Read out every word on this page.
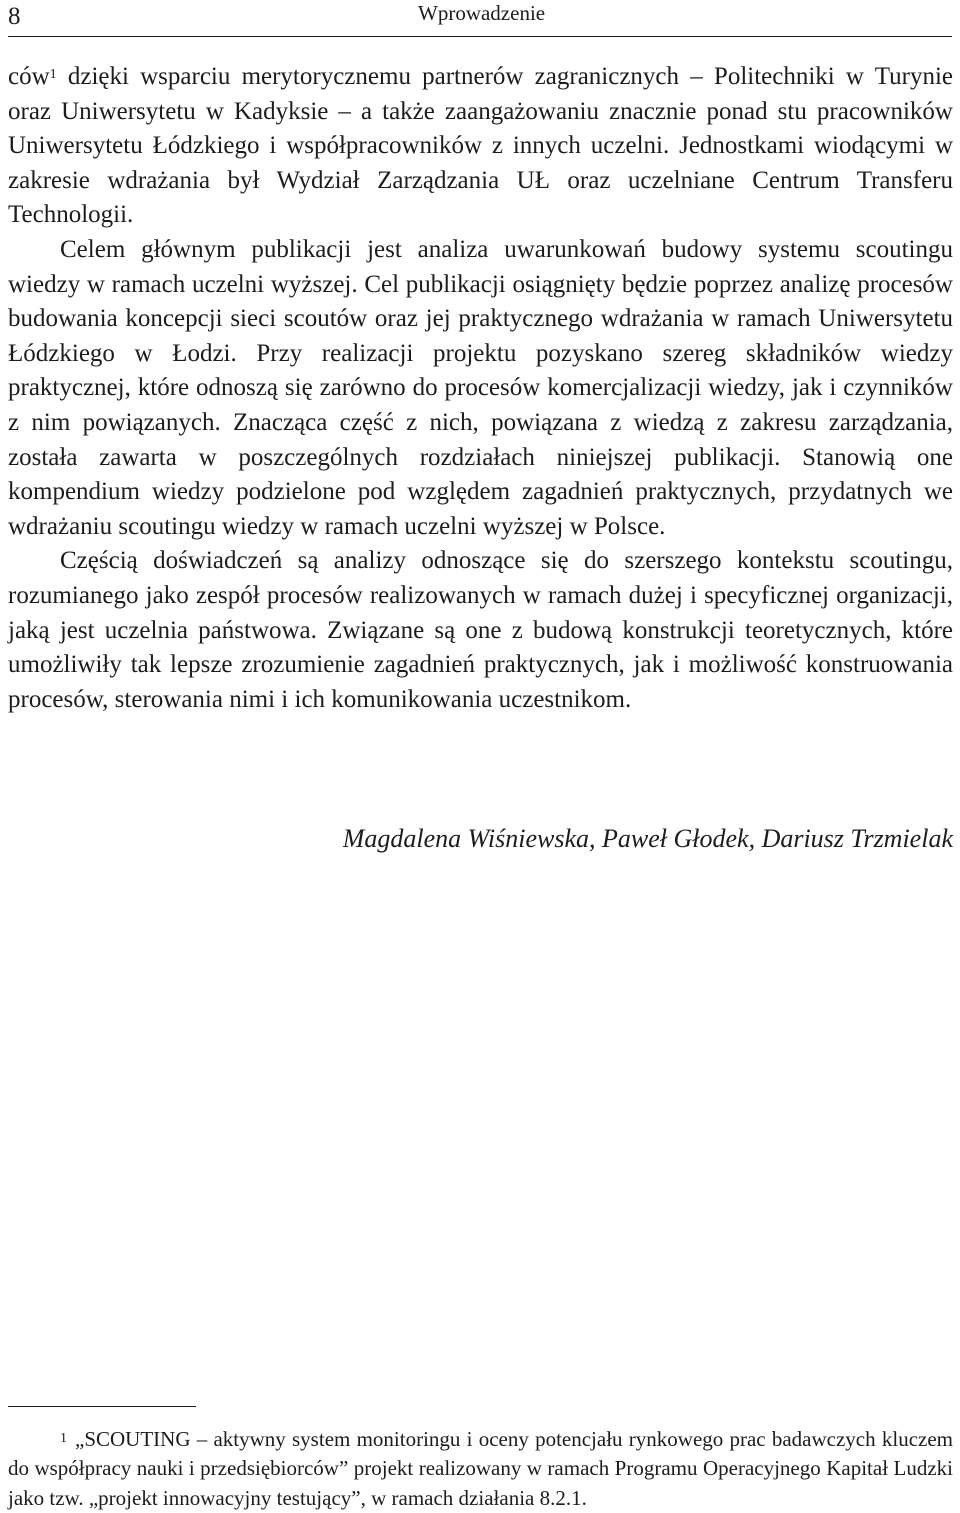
8	Wprowadzenie

ców$^1$ dzięki wsparciu merytorycznemu partnerów zagranicznych – Politechniki w Turynie oraz Uniwersytetu w Kadyksie – a także zaangażowaniu znacznie ponad stu pracowników Uniwersytetu Łódzkiego i współpracowników z innych uczelni. Jednostkami wiodącymi w zakresie wdrażania był Wydział Zarządzania UŁ oraz uczelniane Centrum Transferu Technologii.

Celem głównym publikacji jest analiza uwarunkowań budowy systemu scoutingu wiedzy w ramach uczelni wyższej. Cel publikacji osiągnięty będzie poprzez analizę procesów budowania koncepcji sieci scoutów oraz jej praktycznego wdrażania w ramach Uniwersytetu Łódzkiego w Łodzi. Przy realizacji projektu pozyskano szereg składników wiedzy praktycznej, które odnoszą się zarówno do procesów komercjalizacji wiedzy, jak i czynników z nim powiązanych. Znacząca część z nich, powiązana z wiedzą z zakresu zarządzania, została zawarta w poszczególnych rozdziałach niniejszej publikacji. Stanowią one kompendium wiedzy podzielone pod względem zagadnień praktycznych, przydatnych we wdrażaniu scoutingu wiedzy w ramach uczelni wyższej w Polsce.

Częścią doświadczeń są analizy odnoszące się do szerszego kontekstu scoutingu, rozumianego jako zespół procesów realizowanych w ramach dużej i specyficznej organizacji, jaką jest uczelnia państwowa. Związane są one z budową konstrukcji teoretycznych, które umożliwiły tak lepsze zrozumienie zagadnień praktycznych, jak i możliwość konstruowania procesów, sterowania nimi i ich komunikowania uczestnikom.

Magdalena Wiśniewska, Paweł Głodek, Dariusz Trzmielak

$^1$ „SCOUTING – aktywny system monitoringu i oceny potencjału rynkowego prac badawczych kluczem do współpracy nauki i przedsiębiorców” projekt realizowany w ramach Programu Operacyjnego Kapitał Ludzki jako tzw. „projekt innowacyjny testujący”, w ramach działania 8.2.1.
